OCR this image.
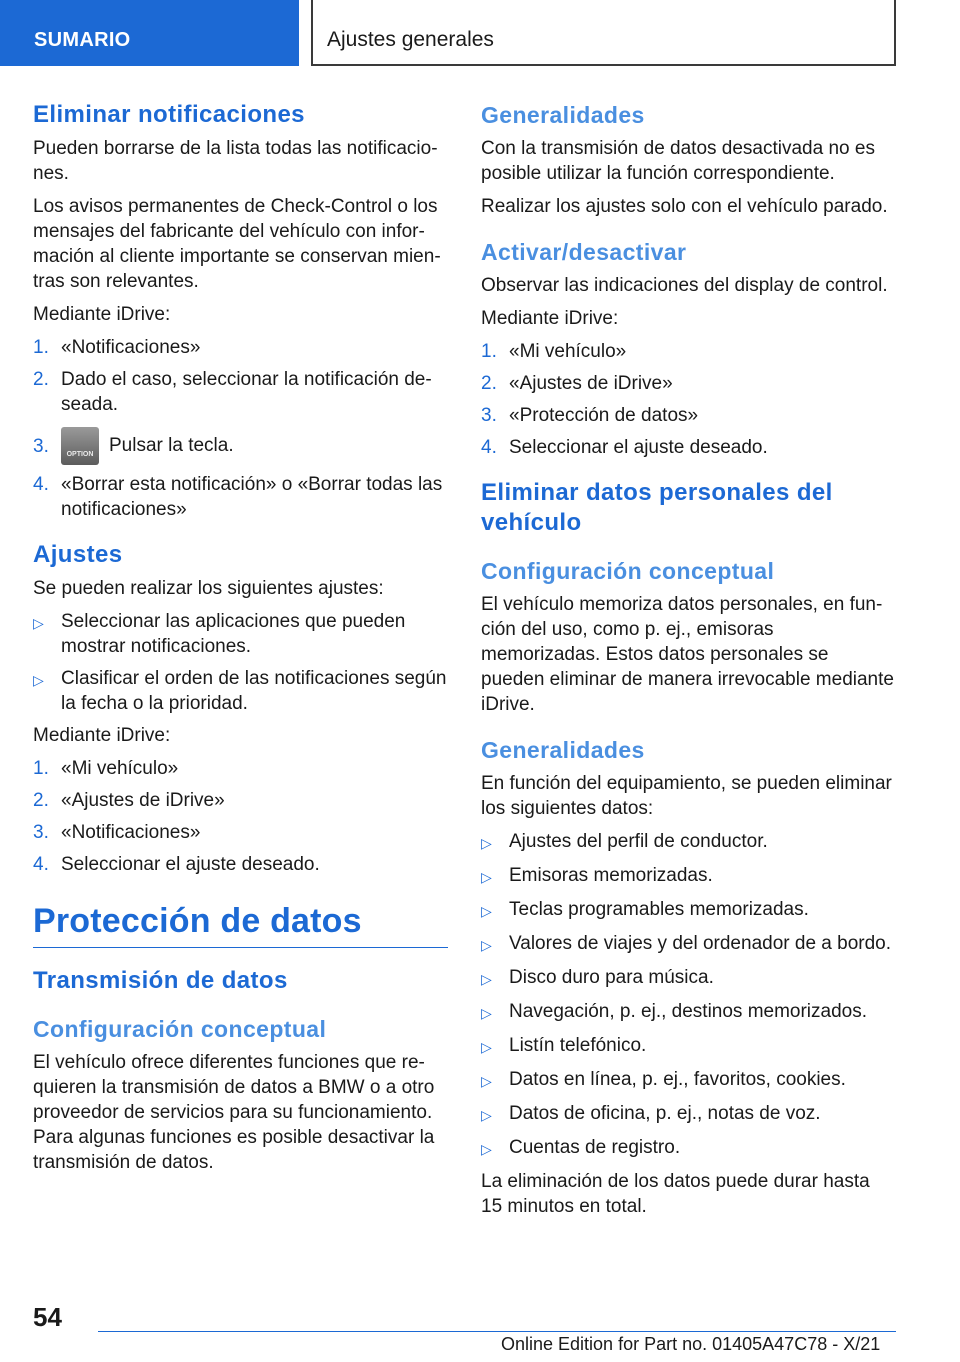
SUMARIO	Ajustes generales
Eliminar notificaciones

Pueden borrarse de la lista todas las notificaciones.

Los avisos permanentes de Check-Control o los mensajes del fabricante del vehículo con información al cliente importante se conservan mientras son relevantes.

Mediante iDrive:

1. «Notificaciones»
2. Dado el caso, seleccionar la notificación deseada.
3.	OPTION Pulsar la tecla.
4. «Borrar esta notificación» o «Borrar todas las notificaciones»
Ajustes

Se pueden realizar los siguientes ajustes:

▷ Seleccionar las aplicaciones que pueden mostrar notificaciones.
▷ Clasificar el orden de las notificaciones según la fecha o la prioridad.

Mediante iDrive:

1. «Mi vehículo»
2. «Ajustes de iDrive»
3. «Notificaciones»
4. Seleccionar el ajuste deseado.
Protección de datos
Transmisión de datos
Configuración conceptual

El vehículo ofrece diferentes funciones que requieren la transmisión de datos a BMW o a otro proveedor de servicios para su funcionamiento. Para algunas funciones es posible desactivar la transmisión de datos.

Generalidades

Con la transmisión de datos desactivada no es posible utilizar la función correspondiente.

Realizar los ajustes solo con el vehículo parado.

Activar/desactivar

Observar las indicaciones del display de control.

Mediante iDrive:

1. «Mi vehículo»
2. «Ajustes de iDrive»
3. «Protección de datos»
4. Seleccionar el ajuste deseado.
Eliminar datos personales del vehículo
Configuración conceptual

El vehículo memoriza datos personales, en función del uso, como p. ej., emisoras memorizadas. Estos datos personales se pueden eliminar de manera irrevocable mediante iDrive.

Generalidades

En función del equipamiento, se pueden eliminar los siguientes datos:

▷ Ajustes del perfil de conductor.
▷ Emisoras memorizadas.
▷ Teclas programables memorizadas.
▷ Valores de viajes y del ordenador de a bordo.
▷ Disco duro para música.
▷ Navegación, p. ej., destinos memorizados.
▷ Listín telefónico.
▷ Datos en línea, p. ej., favoritos, cookies.
▷ Datos de oficina, p. ej., notas de voz.
▷ Cuentas de registro.

La eliminación de los datos puede durar hasta 15 minutos en total.

54
Online Edition for Part no. 01405A47C78 - X/21
